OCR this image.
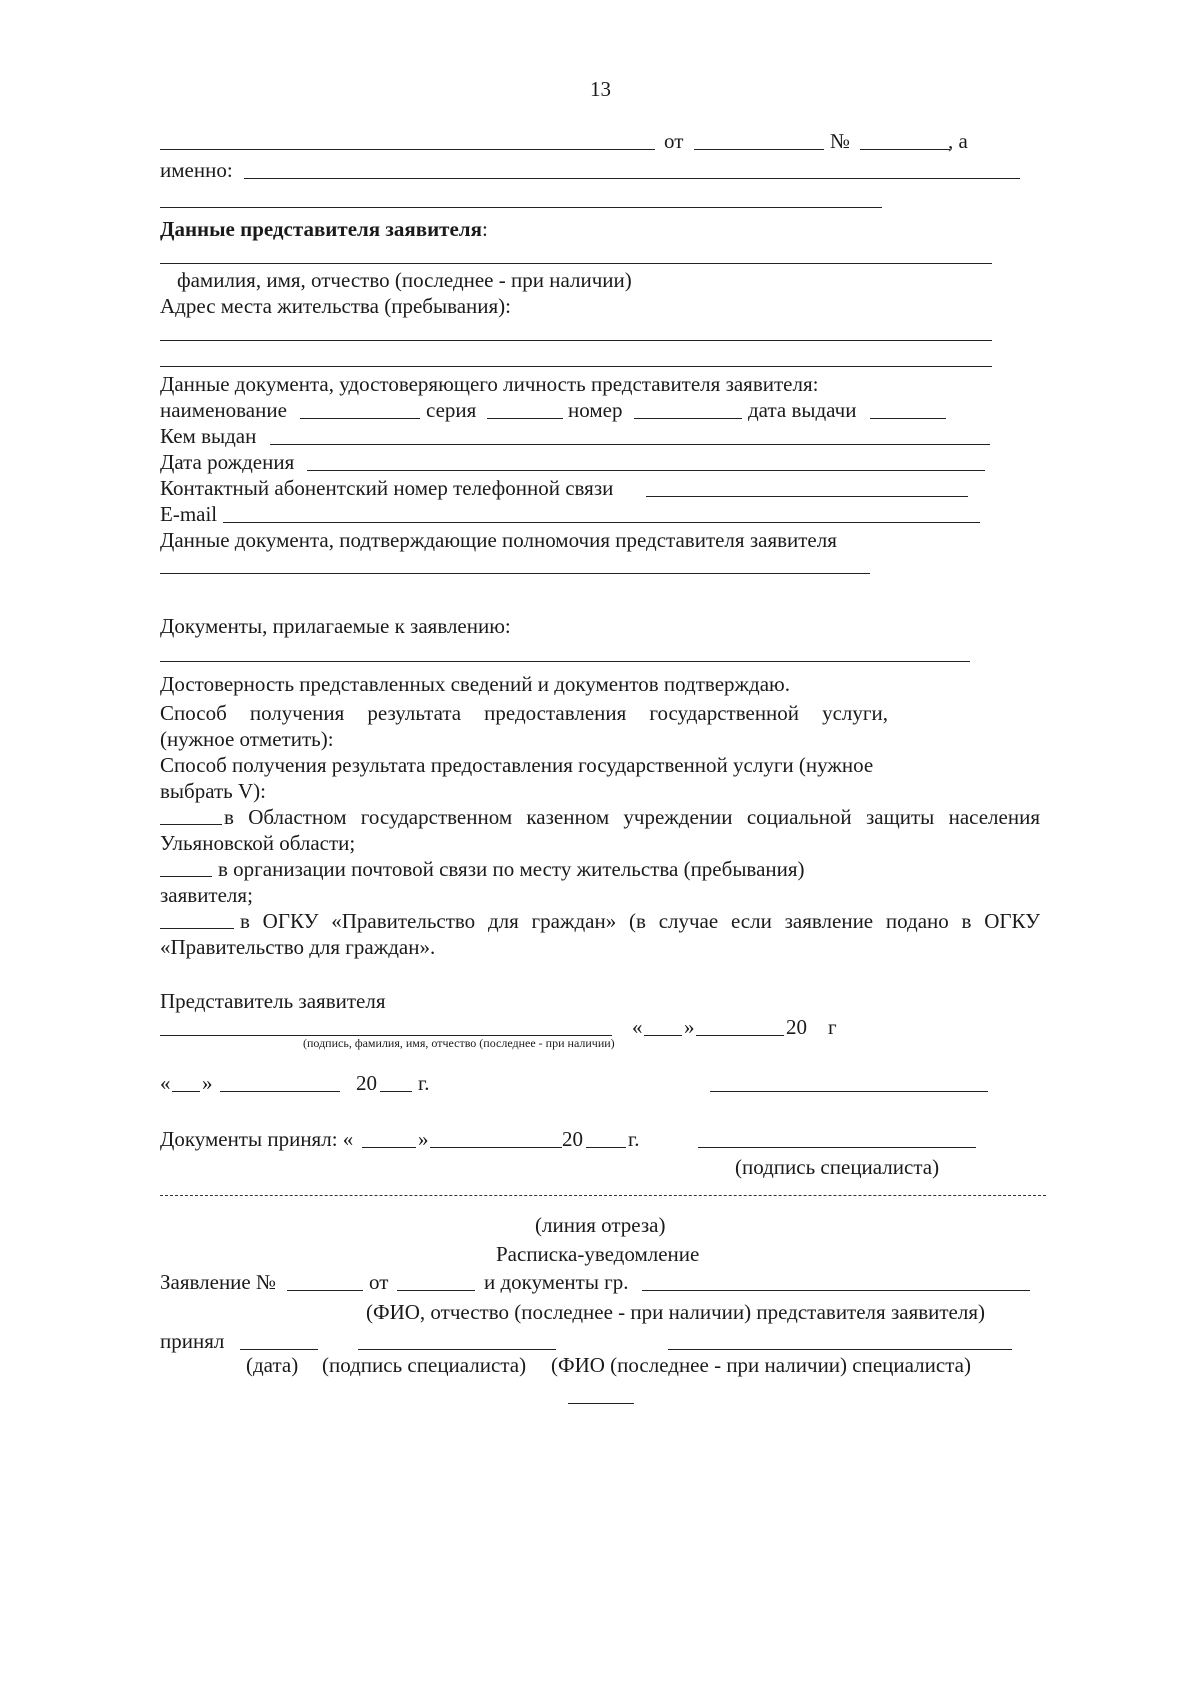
13
от	№	, а
именно:
Данные представителя заявителя:
фамилия, имя, отчество (последнее - при наличии)
Адрес места жительства (пребывания):
Данные документа, удостоверяющего личность представителя заявителя:
наименование	серия	номер	дата выдачи
Кем выдан
Дата рождения
Контактный абонентский номер телефонной связи
E-mail
Данные документа, подтверждающие полномочия представителя заявителя
Документы, прилагаемые к заявлению:
Достоверность представленных сведений и документов подтверждаю.
Способ получения результата предоставления государственной услуги,
(нужное отметить):
Способ получения результата предоставления государственной услуги (нужное
выбрать V):
в Областном государственном казенном учреждении социальной защиты населения
Ульяновской области;
в организации почтовой связи по месту жительства (пребывания)
заявителя;
в ОГКУ «Правительство для граждан» (в случае если заявление подано в ОГКУ
«Правительство для граждан».
Представитель заявителя
(подпись, фамилия, имя, отчество (последнее - при наличии)
« »	20 г
« »	20 г.
Документы принял: «	»	20 г.
(подпись специалиста)
(линия отреза)
Расписка-уведомление
Заявление №	от	и документы гр.
(ФИО, отчество (последнее - при наличии) представителя заявителя)
принял
(дата) (подпись специалиста) (ФИО (последнее - при наличии) специалиста)
